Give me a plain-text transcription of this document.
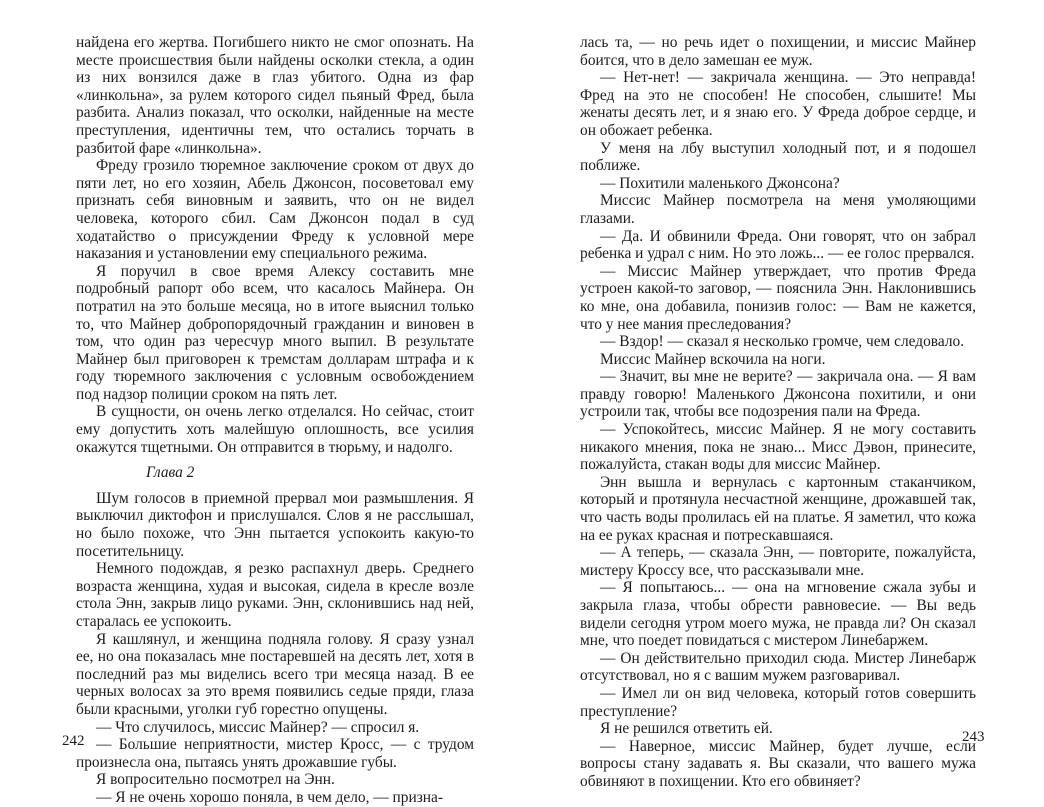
найдена его жертва. Погибшего никто не смог опознать. На месте происшествия были найдены осколки стекла, а один из них вонзился даже в глаз убитого. Одна из фар «линкольна», за рулем которого сидел пьяный Фред, была разбита. Анализ показал, что осколки, найденные на месте преступления, идентичны тем, что остались торчать в разбитой фаре «линкольна».

Фреду грозило тюремное заключение сроком от двух до пяти лет, но его хозяин, Абель Джонсон, посоветовал ему признать себя виновным и заявить, что он не видел человека, которого сбил. Сам Джонсон подал в суд ходатайство о присуждении Фреду к условной мере наказания и установлении ему специального режима.

Я поручил в свое время Алексу составить мне подробный рапорт обо всем, что касалось Майнера. Он потратил на это больше месяца, но в итоге выяснил только то, что Майнер добропорядочный гражданин и виновен в том, что один раз чересчур много выпил. В результате Майнер был приговорен к тремстам долларам штрафа и к году тюремного заключения с условным освобождением под надзор полиции сроком на пять лет.

В сущности, он очень легко отделался. Но сейчас, стоит ему допустить хоть малейшую оплошность, все усилия окажутся тщетными. Он отправится в тюрьму, и надолго.

Глава 2

Шум голосов в приемной прервал мои размышления. Я выключил диктофон и прислушался. Слов я не расслышал, но было похоже, что Энн пытается успокоить какую-то посетительницу.

Немного подождав, я резко распахнул дверь. Среднего возраста женщина, худая и высокая, сидела в кресле возле стола Энн, закрыв лицо руками. Энн, склонившись над ней, старалась ее успокоить.

Я кашлянул, и женщина подняла голову. Я сразу узнал ее, но она показалась мне постаревшей на десять лет, хотя в последний раз мы виделись всего три месяца назад. В ее черных волосах за это время появились седые пряди, глаза были красными, уголки губ горестно опущены.

— Что случилось, миссис Майнер? — спросил я.

— Большие неприятности, мистер Кросс, — с трудом произнесла она, пытаясь унять дрожавшие губы.

Я вопросительно посмотрел на Энн.

— Я не очень хорошо поняла, в чем дело, — призна-

242

лась та, — но речь идет о похищении, и миссис Майнер боится, что в дело замешан ее муж.

— Нет-нет! — закричала женщина. — Это неправда! Фред на это не способен! Не способен, слышите! Мы женаты десять лет, и я знаю его. У Фреда доброе сердце, и он обожает ребенка.

У меня на лбу выступил холодный пот, и я подошел поближе.

— Похитили маленького Джонсона?

Миссис Майнер посмотрела на меня умоляющими глазами.

— Да. И обвинили Фреда. Они говорят, что он забрал ребенка и удрал с ним. Но это ложь... — ее голос прервался.

— Миссис Майнер утверждает, что против Фреда устроен какой-то заговор, — пояснила Энн. Наклонившись ко мне, она добавила, понизив голос: — Вам не кажется, что у нее мания преследования?

— Вздор! — сказал я несколько громче, чем следовало.

Миссис Майнер вскочила на ноги.

— Значит, вы мне не верите? — закричала она. — Я вам правду говорю! Маленького Джонсона похитили, и они устроили так, чтобы все подозрения пали на Фреда.

— Успокойтесь, миссис Майнер. Я не могу составить никакого мнения, пока не знаю... Мисс Дэвон, принесите, пожалуйста, стакан воды для миссис Майнер.

Энн вышла и вернулась с картонным стаканчиком, который и протянула несчастной женщине, дрожавшей так, что часть воды пролилась ей на платье. Я заметил, что кожа на ее руках красная и потрескавшаяся.

— А теперь, — сказала Энн, — повторите, пожалуйста, мистеру Кроссу все, что рассказывали мне.

— Я попытаюсь... — она на мгновение сжала зубы и закрыла глаза, чтобы обрести равновесие. — Вы ведь видели сегодня утром моего мужа, не правда ли? Он сказал мне, что поедет повидаться с мистером Линебаржем.

— Он действительно приходил сюда. Мистер Линебарж отсутствовал, но я с вашим мужем разговаривал.

— Имел ли он вид человека, который готов совершить преступление?

Я не решился ответить ей.

— Наверное, миссис Майнер, будет лучше, если вопросы стану задавать я. Вы сказали, что вашего мужа обвиняют в похищении. Кто его обвиняет?

243
